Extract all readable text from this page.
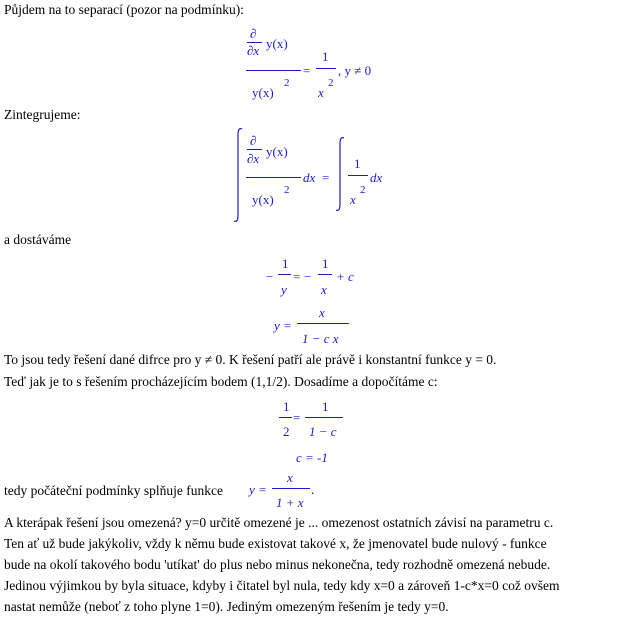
Půjdem na to separací (pozor na podmínku):
∂
∂x y(x)
y(x)
2
=
1
x
2
, y ≠ 0
Zintegrujeme:
∂
∂x y(x)
y(x)
2
dx =
1
x
2
dx
a dostáváme
−
1
y
= −
1
x
+ c
y =
x
1 − c x
To jsou tedy řešení dané difrce pro y ≠ 0. K řešení patří ale právě i konstantní funkce y = 0.
Teď jak je to s řešením procházejícím bodem (1,1/2). Dosadíme a dopočítáme c:
1
2
=
1
1 − c
c = -1
tedy počáteční podmínky splňuje funkce y =
x
1 + x
.
A kterápak řešení jsou omezená? y=0 určitě omezené je ... omezenost ostatních závisí na parametru c.
Ten ať už bude jakýkoliv, vždy k němu bude existovat takové x, že jmenovatel bude nulový - funkce
bude na okolí takového bodu 'utíkat' do plus nebo minus nekonečna, tedy rozhodně omezená nebude.
Jedinou výjimkou by byla situace, kdyby i čitatel byl nula, tedy kdy x=0 a zároveň 1-c*x=0 což ovšem
nastat nemůže (neboť z toho plyne 1=0). Jediným omezeným řešením je tedy y=0.
